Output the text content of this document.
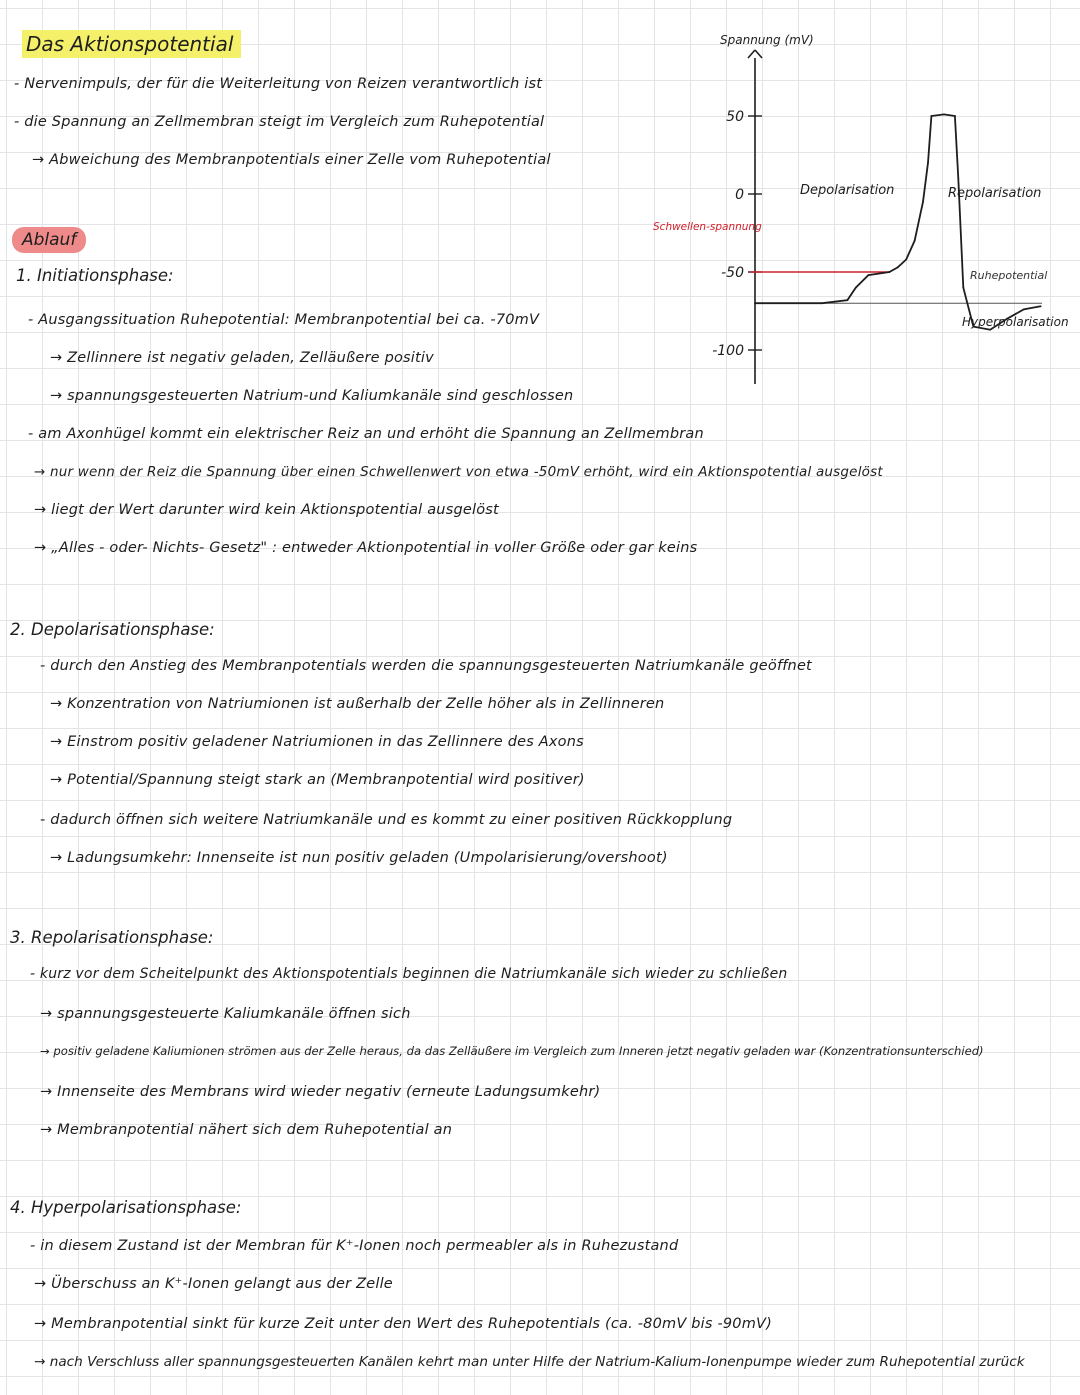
Das Aktionspotential
- Nervenimpuls, der für die Weiterleitung von Reizen verantwortlich ist
- die Spannung an Zellmembran steigt im Vergleich zum Ruhepotential
→ Abweichung des Membranpotentials einer Zelle vom Ruhepotential
Ablauf
1. Initiationsphase:
- Ausgangssituation Ruhepotential: Membranpotential bei ca. -70mV
→ Zellinnere ist negativ geladen, Zelläußere positiv
→ spannungsgesteuerten Natrium-und Kaliumkanäle sind geschlossen
- am Axonhügel kommt ein elektrischer Reiz an und erhöht die Spannung an Zellmembran
→ nur wenn der Reiz die Spannung über einen Schwellenwert von etwa -50mV erhöht, wird ein Aktionspotential ausgelöst
→ liegt der Wert darunter wird kein Aktionspotential ausgelöst
→ „Alles - oder- Nichts- Gesetz" : entweder Aktionpotential in voller Größe oder gar keins
2. Depolarisationsphase:
- durch den Anstieg des Membranpotentials werden die spannungsgesteuerten Natriumkanäle geöffnet
→ Konzentration von Natriumionen ist außerhalb der Zelle höher als in Zellinneren
→ Einstrom positiv geladener Natriumionen in das Zellinnere des Axons
→ Potential/Spannung steigt stark an (Membranpotential wird positiver)
- dadurch öffnen sich weitere Natriumkanäle und es kommt zu einer positiven Rückkopplung
→ Ladungsumkehr: Innenseite ist nun positiv geladen (Umpolarisierung/overshoot)
3. Repolarisationsphase:
- kurz vor dem Scheitelpunkt des Aktionspotentials beginnen die Natriumkanäle sich wieder zu schließen
→ spannungsgesteuerte Kaliumkanäle öffnen sich
→ positiv geladene Kaliumionen strömen aus der Zelle heraus, da das Zelläußere im Vergleich zum Inneren jetzt negativ geladen war (Konzentrationsunterschied)
→ Innenseite des Membrans wird wieder negativ (erneute Ladungsumkehr)
→ Membranpotential nähert sich dem Ruhepotential an
4. Hyperpolarisationsphase:
- in diesem Zustand ist der Membran für K⁺-Ionen noch permeabler als in Ruhezustand
→ Überschuss an K⁺-Ionen gelangt aus der Zelle
→ Membranpotential sinkt für kurze Zeit unter den Wert des Ruhepotentials (ca. -80mV bis -90mV)
→ nach Verschluss aller spannungsgesteuerten Kanälen kehrt man unter Hilfe der Natrium-Kalium-Ionenpumpe wieder zum Ruhepotential zurück
Spannung (mV)
50
0
-50
-100
Schwellen-spannung
Depolarisation	Repolarisation
Ruhepotential
Hyperpolarisation
